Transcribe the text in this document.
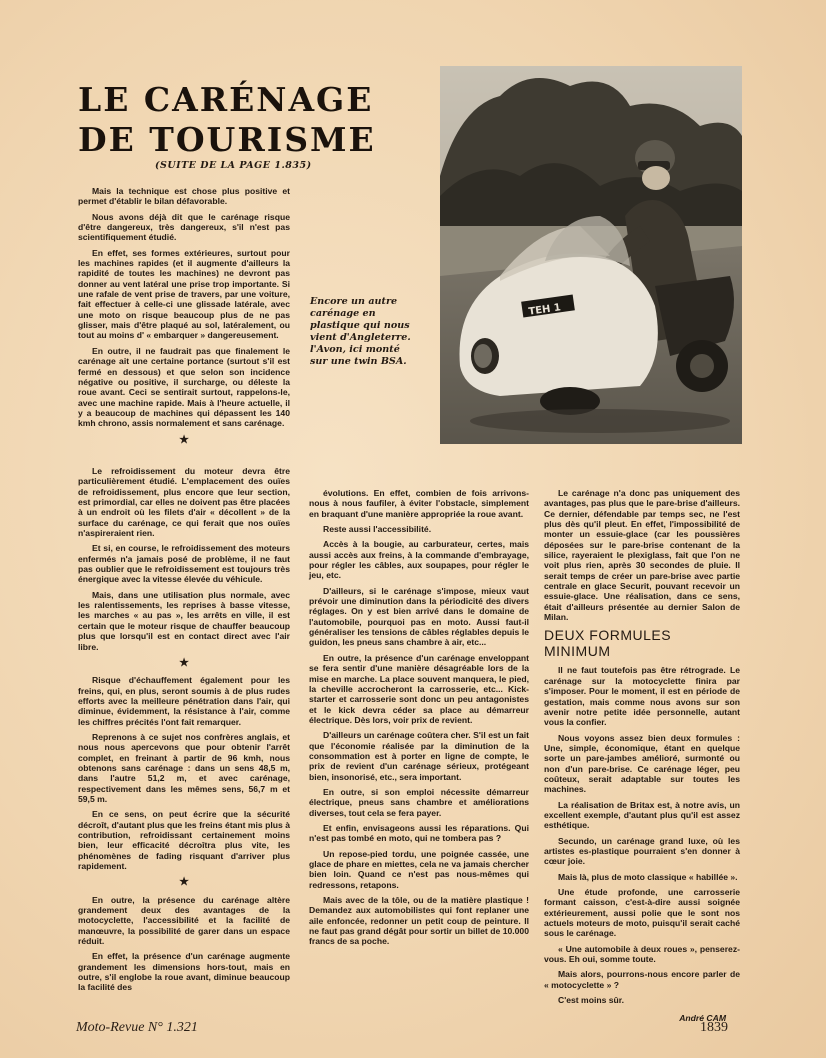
LE CARÉNAGE
DE TOURISME
(SUITE DE LA PAGE 1.835)

Mais la technique est chose plus positive et permet d'établir le bilan défavorable.

Nous avons déjà dit que le carénage risque d'être dangereux, très dangereux, s'il n'est pas scientifiquement étudié.

En effet, ses formes extérieures, surtout pour les machines rapides (et il augmente d'ailleurs la rapidité de toutes les machines) ne devront pas donner au vent latéral une prise trop importante. Si une rafale de vent prise de travers, par une voiture, fait effectuer à celle-ci une glissade latérale, avec une moto on risque beaucoup plus de ne pas glisser, mais d'être plaqué au sol, latéralement, ou tout au moins d' « embarquer » dangereusement.

En outre, il ne faudrait pas que finalement le carénage ait une certaine portance (surtout s'il est fermé en dessous) et que selon son incidence négative ou positive, il surcharge, ou déleste la roue avant. Ceci se sentirait surtout, rappelons-le, avec une machine rapide. Mais à l'heure actuelle, il y a beaucoup de machines qui dépassent les 140 kmh chrono, assis normalement et sans carénage.

★
Encore un autre carénage en plastique qui nous vient d'Angleterre. l'Avon, ici monté sur une twin BSA.
TEH 1

Le refroidissement du moteur devra être particulièrement étudié. L'emplacement des ouïes de refroidissement, plus encore que leur section, est primordial, car elles ne doivent pas être placées à un endroit où les filets d'air « décollent » de la surface du carénage, ce qui ferait que nos ouïes n'aspireraient rien.

Et si, en course, le refroidissement des moteurs enfermés n'a jamais posé de problème, il ne faut pas oublier que le refroidissement est toujours très énergique avec la vitesse élevée du véhicule.

Mais, dans une utilisation plus normale, avec les ralentissements, les reprises à basse vitesse, les marches « au pas », les arrêts en ville, il est certain que le moteur risque de chauffer beaucoup plus que lorsqu'il est en contact direct avec l'air libre.

★

Risque d'échauffement également pour les freins, qui, en plus, seront soumis à de plus rudes efforts avec la meilleure pénétration dans l'air, qui diminue, évidemment, la résistance à l'air, comme les chiffres précités l'ont fait remarquer.

Reprenons à ce sujet nos confrères anglais, et nous nous apercevons que pour obtenir l'arrêt complet, en freinant à partir de 96 kmh, nous obtenons sans carénage : dans un sens 48,5 m, dans l'autre 51,2 m, et avec carénage, respectivement dans les mêmes sens, 56,7 m et 59,5 m.

En ce sens, on peut écrire que la sécurité décroît, d'autant plus que les freins étant mis plus à contribution, refroidissant certainement moins bien, leur efficacité décroîtra plus vite, les phénomènes de fading risquant d'arriver plus rapidement.

★

En outre, la présence du carénage altère grandement deux des avantages de la motocyclette, l'accessibilité et la facilité de manœuvre, la possibilité de garer dans un espace réduit.

En effet, la présence d'un carénage augmente grandement les dimensions hors-tout, mais en outre, s'il englobe la roue avant, diminue beaucoup la facilité des

évolutions. En effet, combien de fois arrivons-nous à nous faufiler, à éviter l'obstacle, simplement en braquant d'une manière appropriée la roue avant.

Reste aussi l'accessibilité.

Accès à la bougie, au carburateur, certes, mais aussi accès aux freins, à la commande d'embrayage, pour régler les câbles, aux soupapes, pour régler le jeu, etc.

D'ailleurs, si le carénage s'impose, mieux vaut prévoir une diminution dans la périodicité des divers réglages. On y est bien arrivé dans le domaine de l'automobile, pourquoi pas en moto. Aussi faut-il généraliser les tensions de câbles réglables depuis le guidon, les pneus sans chambre à air, etc...

En outre, la présence d'un carénage enveloppant se fera sentir d'une manière désagréable lors de la mise en marche. La place souvent manquera, le pied, la cheville accrocheront la carrosserie, etc... Kick-starter et carrosserie sont donc un peu antagonistes et le kick devra céder sa place au démarreur électrique. Dès lors, voir prix de revient.

D'ailleurs un carénage coûtera cher. S'il est un fait que l'économie réalisée par la diminution de la consommation est à porter en ligne de compte, le prix de revient d'un carénage sérieux, protégeant bien, insonorisé, etc., sera important.

En outre, si son emploi nécessite démarreur électrique, pneus sans chambre et améliorations diverses, tout cela se fera payer.

Et enfin, envisageons aussi les réparations. Qui n'est pas tombé en moto, qui ne tombera pas ?

Un repose-pied tordu, une poignée cassée, une glace de phare en miettes, cela ne va jamais chercher bien loin. Quand ce n'est pas nous-mêmes qui redressons, retapons.

Mais avec de la tôle, ou de la matière plastique ! Demandez aux automobilistes qui font replaner une aile enfoncée, redonner un petit coup de peinture. Il ne faut pas grand dégât pour sortir un billet de 10.000 francs de sa poche.

Le carénage n'a donc pas uniquement des avantages, pas plus que le pare-brise d'ailleurs. Ce dernier, défendable par temps sec, ne l'est plus dès qu'il pleut. En effet, l'impossibilité de monter un essuie-glace (car les poussières déposées sur le pare-brise contenant de la silice, rayeraient le plexiglass, fait que l'on ne voit plus rien, après 30 secondes de pluie. Il serait temps de créer un pare-brise avec partie centrale en glace Securit, pouvant recevoir un essuie-glace. Une réalisation, dans ce sens, était d'ailleurs présentée au dernier Salon de Milan.

DEUX FORMULES MINIMUM

Il ne faut toutefois pas être rétrograde. Le carénage sur la motocyclette finira par s'imposer. Pour le moment, il est en période de gestation, mais comme nous avons sur son avenir notre petite idée personnelle, autant vous la confier.

Nous voyons assez bien deux formules : Une, simple, économique, étant en quelque sorte un pare-jambes amélioré, surmonté ou non d'un pare-brise. Ce carénage léger, peu coûteux, serait adaptable sur toutes les machines.

La réalisation de Britax est, à notre avis, un excellent exemple, d'autant plus qu'il est assez esthétique.

Secundo, un carénage grand luxe, où les artistes es-plastique pourraient s'en donner à cœur joie.

Mais là, plus de moto classique « habillée ».

Une étude profonde, une carrosserie formant caisson, c'est-à-dire aussi soignée extérieurement, aussi polie que le sont nos actuels moteurs de moto, puisqu'il serait caché sous le carénage.

« Une automobile à deux roues », penserez-vous. Eh oui, somme toute.

Mais alors, pourrons-nous encore parler de « motocyclette » ?

C'est moins sûr.

André CAM
Moto-Revue N° 1.321	1839
